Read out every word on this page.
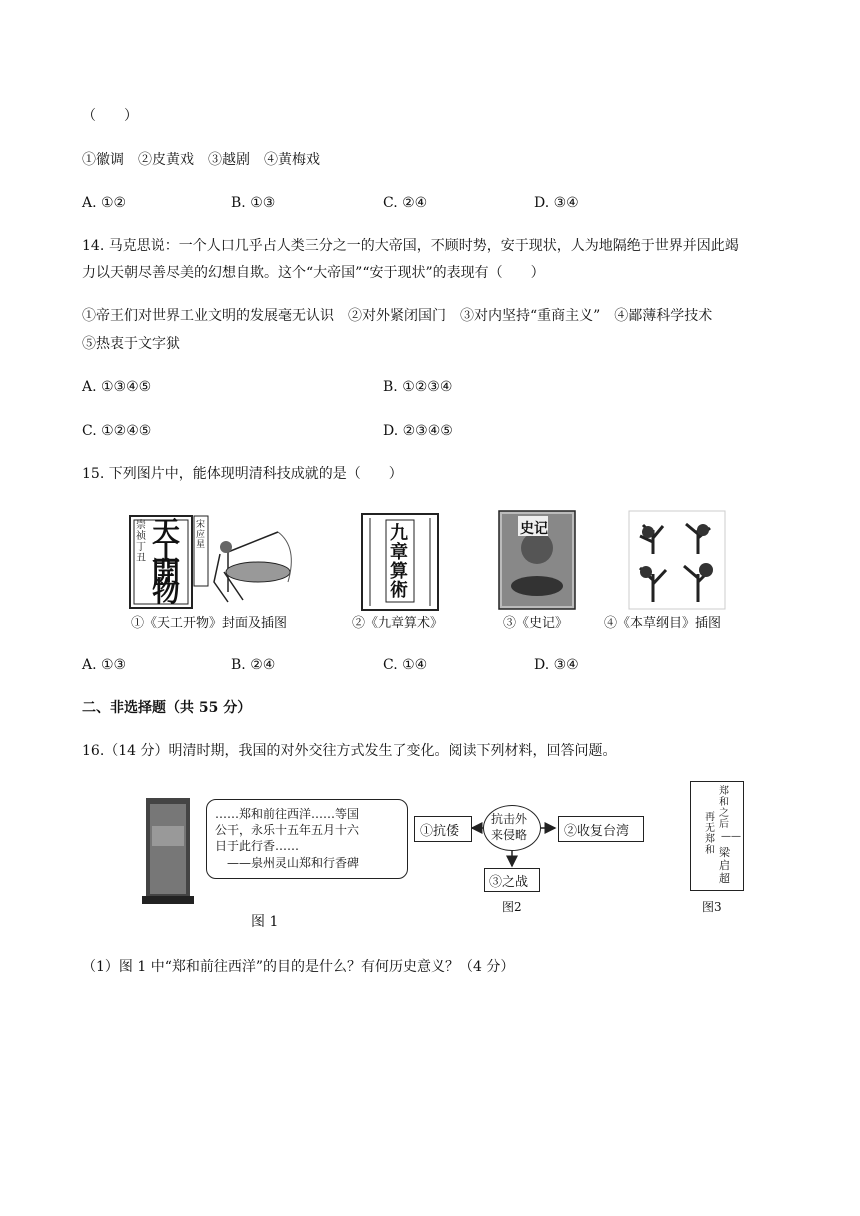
（　　）
①徽调　②皮黄戏　③越剧　④黄梅戏
A. ①②	B. ①③	C. ②④	D. ③④
14. 马克思说：一个人口几乎占人类三分之一的大帝国，不顾时势，安于现状，人为地隔绝于世界并因此竭
力以天朝尽善尽美的幻想自欺。这个“大帝国”“安于现状”的表现有（　　）
①帝王们对世界工业文明的发展毫无认识　②对外紧闭国门　③对内坚持“重商主义”　④鄙薄科学技术
⑤热衷于文字狱
A. ①③④⑤	B. ①②③④
C. ①②④⑤	D. ②③④⑤
15. 下列图片中，能体现明清科技成就的是（　　）
崇祯丁丑
天工開物
宋应星
①《天工开物》封面及插图
九章算術
②《九章算术》
史记
③《史记》	④《本草纲目》插图
A. ①③	B. ②④	C. ①④	D. ③④
二、非选择题（共 55 分）
16.（14 分）明清时期，我国的对外交往方式发生了变化。阅读下列材料，回答问题。
……郑和前往西洋……等国
公干，永乐十五年五月十六
日于此行香……
——泉州灵山郑和行香碑
图 1
①抗倭
抗击外
来侵略	②收复台湾
③之战
图2
郑和之后
再无郑和
——
梁启超
图3
（1）图 1 中“郑和前往西洋”的目的是什么？有何历史意义？（4 分）
